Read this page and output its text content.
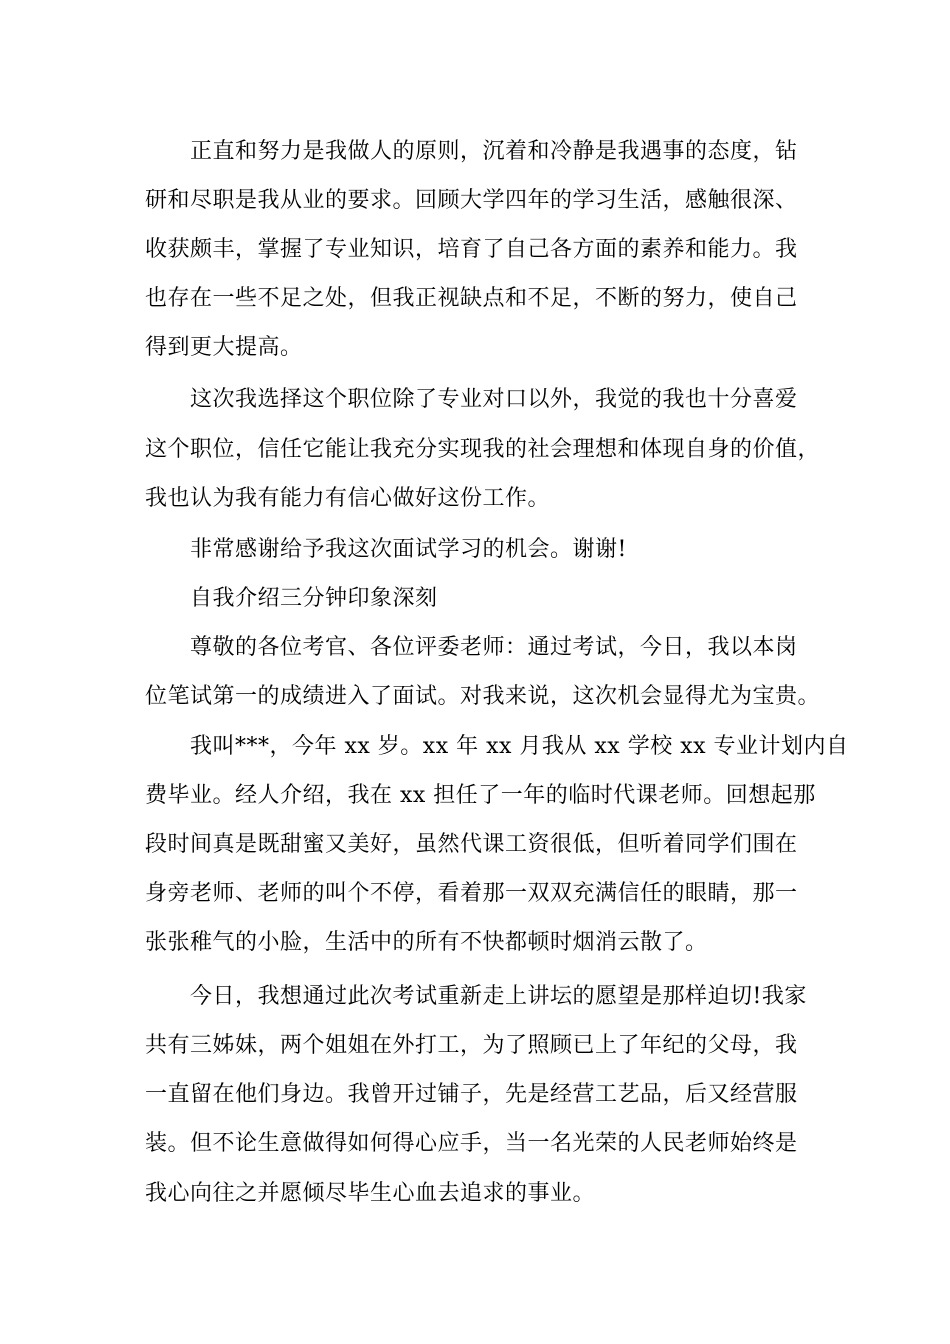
正直和努力是我做人的原则，沉着和冷静是我遇事的态度，钻

研和尽职是我从业的要求。回顾大学四年的学习生活，感触很深、

收获颇丰，掌握了专业知识，培育了自己各方面的素养和能力。我

也存在一些不足之处，但我正视缺点和不足，不断的努力，使自己

得到更大提高。

这次我选择这个职位除了专业对口以外，我觉的我也十分喜爱

这个职位，信任它能让我充分实现我的社会理想和体现自身的价值，

我也认为我有能力有信心做好这份工作。

非常感谢给予我这次面试学习的机会。谢谢!

自我介绍三分钟印象深刻

尊敬的各位考官、各位评委老师：通过考试，今日，我以本岗

位笔试第一的成绩进入了面试。对我来说，这次机会显得尤为宝贵。

我叫***，今年 xx 岁。xx 年 xx 月我从 xx 学校 xx 专业计划内自

费毕业。经人介绍，我在 xx 担任了一年的临时代课老师。回想起那

段时间真是既甜蜜又美好，虽然代课工资很低，但听着同学们围在

身旁老师、老师的叫个不停，看着那一双双充满信任的眼睛，那一

张张稚气的小脸，生活中的所有不快都顿时烟消云散了。

今日，我想通过此次考试重新走上讲坛的愿望是那样迫切!我家

共有三姊妹，两个姐姐在外打工，为了照顾已上了年纪的父母，我

一直留在他们身边。我曾开过铺子，先是经营工艺品，后又经营服

装。但不论生意做得如何得心应手，当一名光荣的人民老师始终是

我心向往之并愿倾尽毕生心血去追求的事业。
